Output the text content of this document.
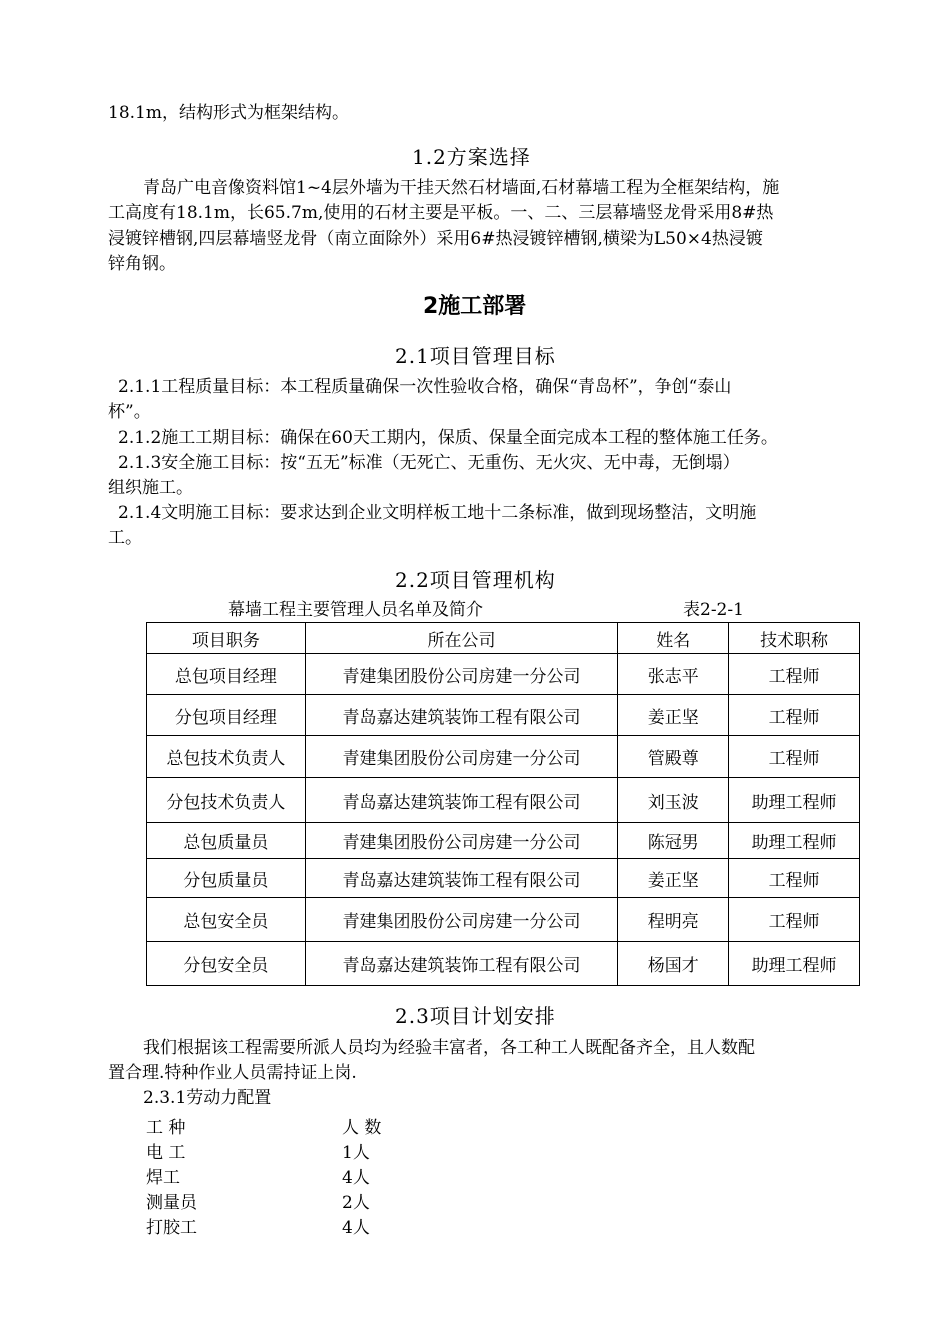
18.1m，结构形式为框架结构。
1.2方案选择
青岛广电音像资料馆1~4层外墙为干挂天然石材墙面,石材幕墙工程为全框架结构，施
工高度有18.1m，长65.7m,使用的石材主要是平板。一、二、三层幕墙竖龙骨采用8#热
浸镀锌槽钢,四层幕墙竖龙骨（南立面除外）采用6#热浸镀锌槽钢,横梁为L50×4热浸镀
锌角钢。
2施工部署
2.1项目管理目标
2.1.1工程质量目标：本工程质量确保一次性验收合格，确保“青岛杯”，争创“泰山
杯”。
2.1.2施工工期目标：确保在60天工期内，保质、保量全面完成本工程的整体施工任务。
2.1.3安全施工目标：按“五无”标准（无死亡、无重伤、无火灾、无中毒，无倒塌）
组织施工。
2.1.4文明施工目标：要求达到企业文明样板工地十二条标准，做到现场整洁，文明施
工。
2.2项目管理机构
幕墙工程主要管理人员名单及简介	表2-2-1
项目职务	所在公司	姓名	技术职称
总包项目经理	青建集团股份公司房建一分公司	张志平	工程师
分包项目经理	青岛嘉达建筑装饰工程有限公司	姜正坚	工程师
总包技术负责人	青建集团股份公司房建一分公司	管殿尊	工程师
分包技术负责人	青岛嘉达建筑装饰工程有限公司	刘玉波	助理工程师
总包质量员	青建集团股份公司房建一分公司	陈冠男	助理工程师
分包质量员	青岛嘉达建筑装饰工程有限公司	姜正坚	工程师
总包安全员	青建集团股份公司房建一分公司	程明亮	工程师
分包安全员	青岛嘉达建筑装饰工程有限公司	杨国才	助理工程师
2.3项目计划安排
我们根据该工程需要所派人员均为经验丰富者，各工种工人既配备齐全，且人数配
置合理.特种作业人员需持证上岗.
2.3.1劳动力配置
工 种	人 数
电 工	1人
焊工	4人
测量员	2人
打胶工	4人
